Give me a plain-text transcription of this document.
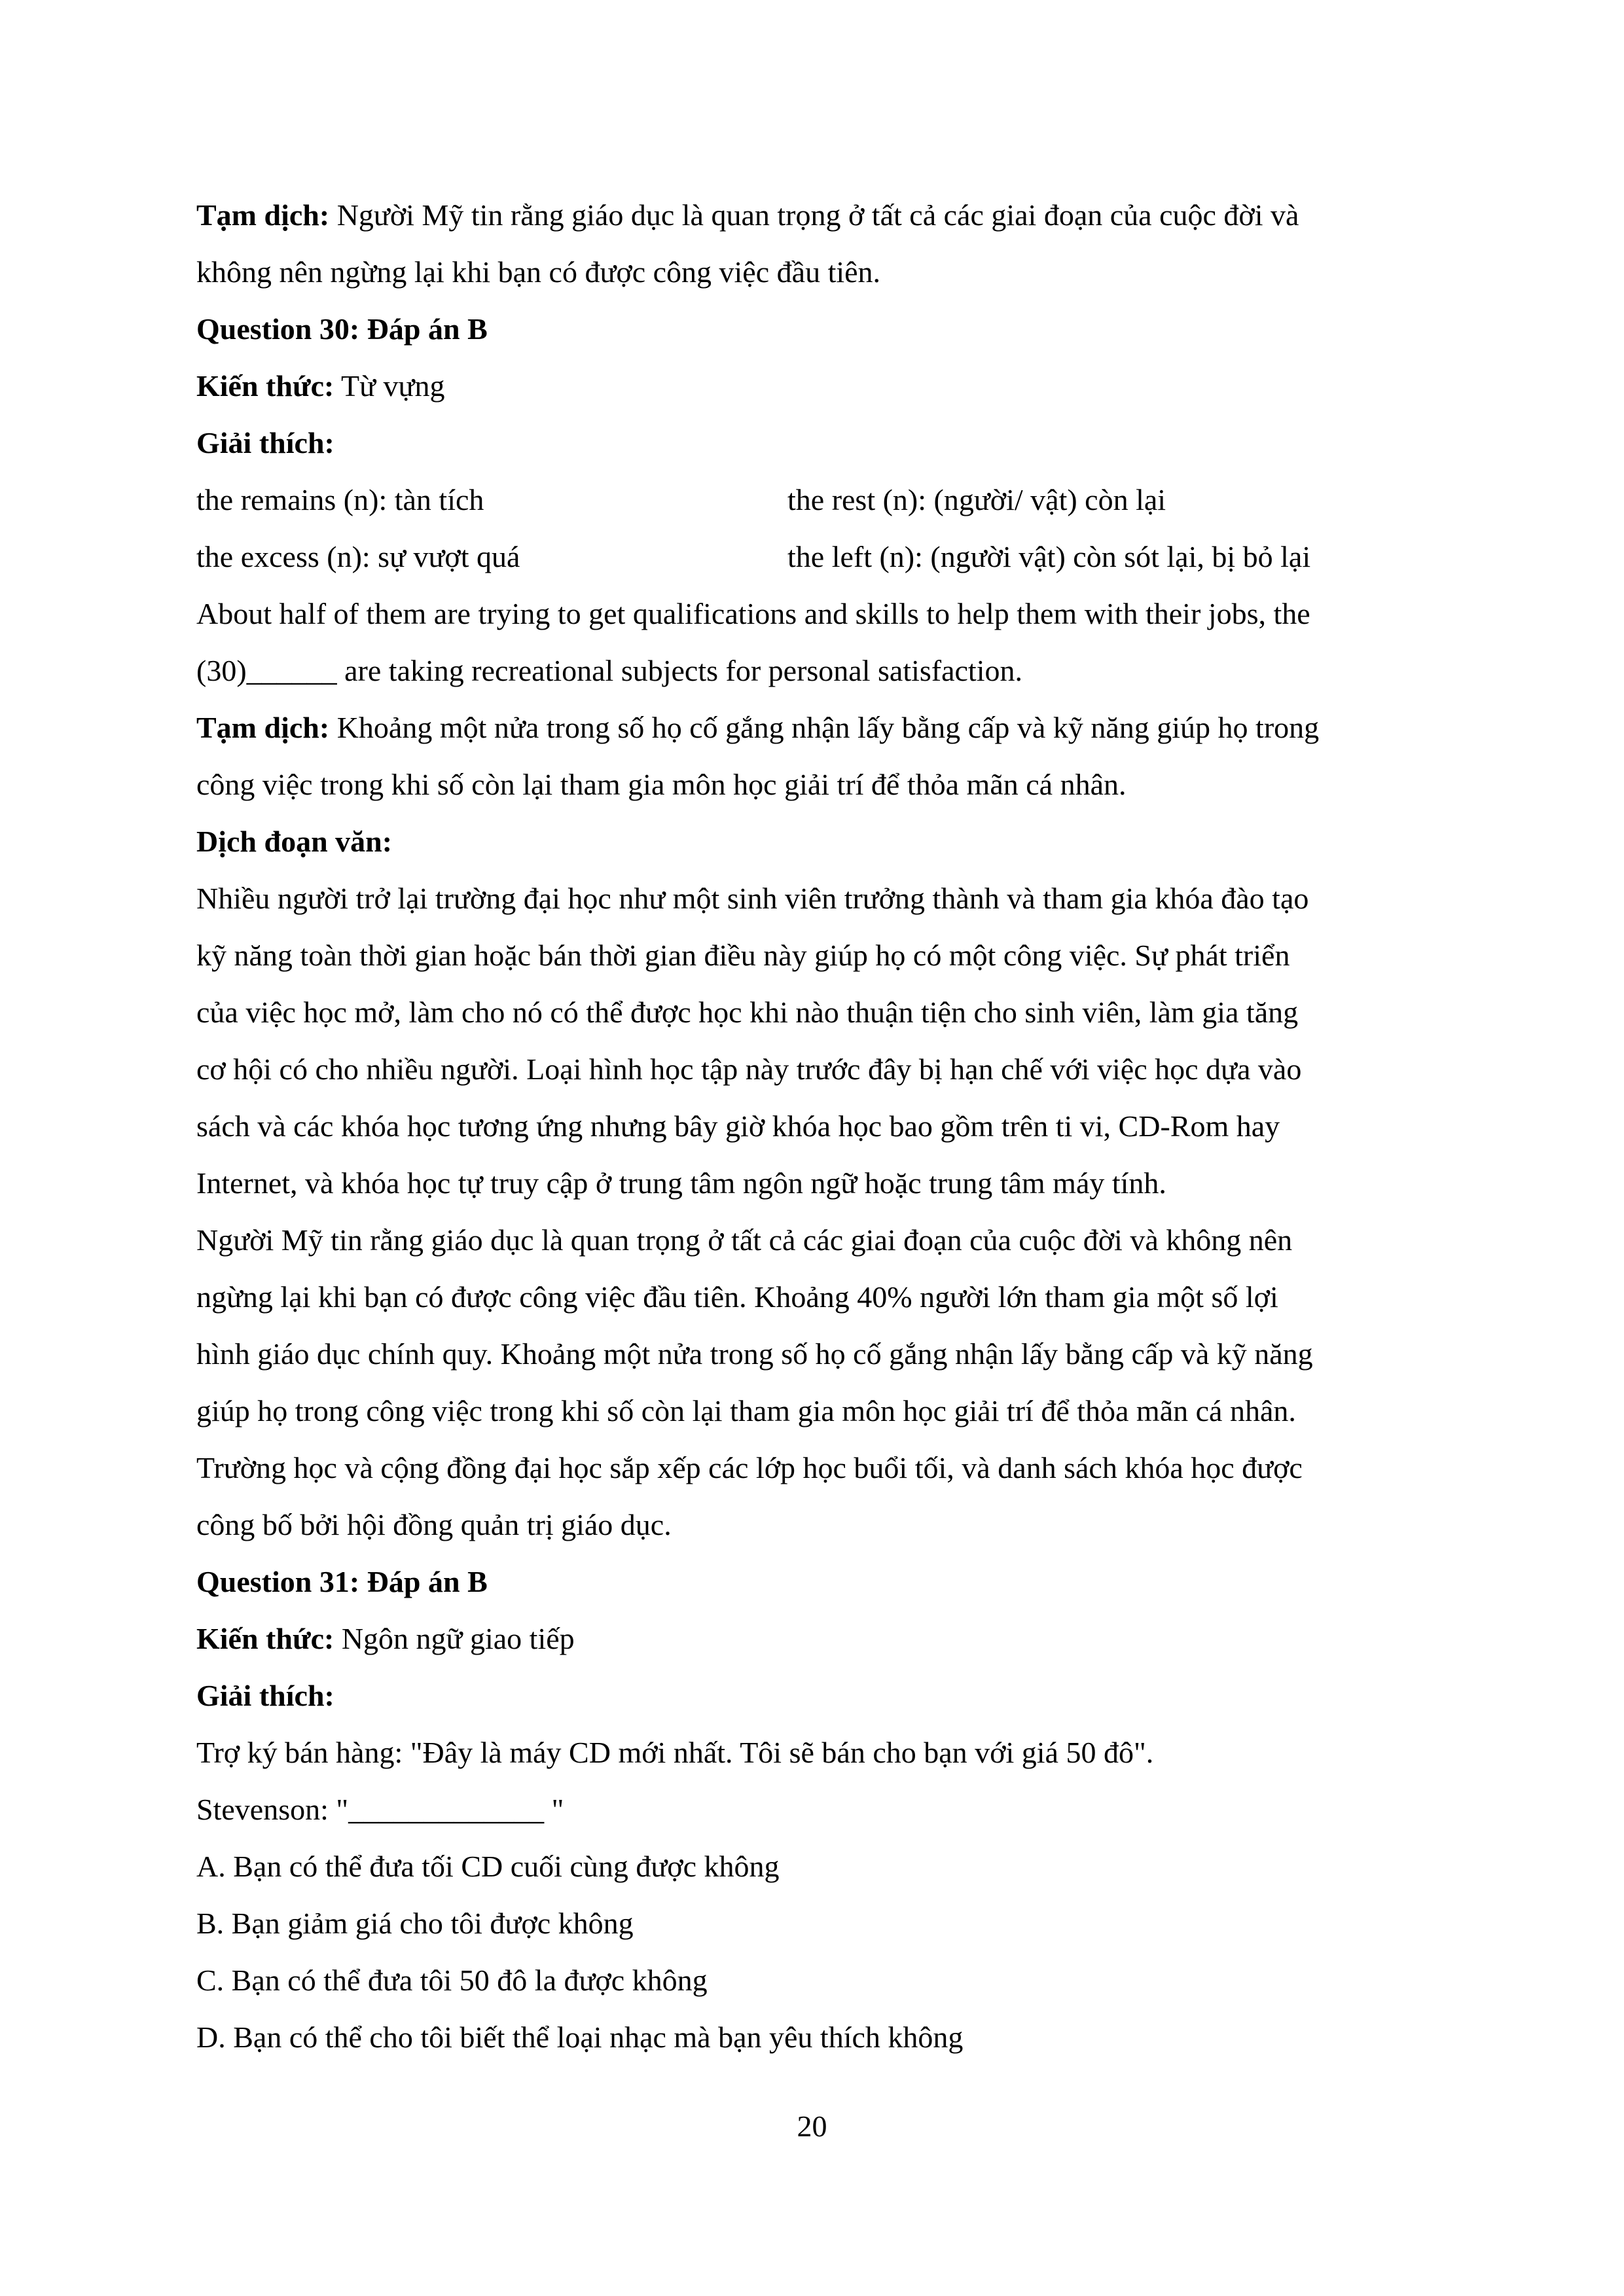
Tạm dịch: Người Mỹ tin rằng giáo dục là quan trọng ở tất cả các giai đoạn của cuộc đời và
không nên ngừng lại khi bạn có được công việc đầu tiên.
Question 30: Đáp án B
Kiến thức: Từ vựng
Giải thích:
the remains (n): tàn tích	the rest (n): (người/ vật) còn lại
the excess (n): sự vượt quá	the left (n): (người vật) còn sót lại, bị bỏ lại
About half of them are trying to get qualifications and skills to help them with their jobs, the
(30)______ are taking recreational subjects for personal satisfaction.
Tạm dịch: Khoảng một nửa trong số họ cố gắng nhận lấy bằng cấp và kỹ năng giúp họ trong
công việc trong khi số còn lại tham gia môn học giải trí để thỏa mãn cá nhân.
Dịch đoạn văn:
Nhiều người trở lại trường đại học như một sinh viên trưởng thành và tham gia khóa đào tạo
kỹ năng toàn thời gian hoặc bán thời gian điều này giúp họ có một công việc. Sự phát triển
của việc học mở, làm cho nó có thể được học khi nào thuận tiện cho sinh viên, làm gia tăng
cơ hội có cho nhiều người. Loại hình học tập này trước đây bị hạn chế với việc học dựa vào
sách và các khóa học tương ứng nhưng bây giờ khóa học bao gồm trên ti vi, CD-Rom hay
Internet, và khóa học tự truy cập ở trung tâm ngôn ngữ hoặc trung tâm máy tính.
Người Mỹ tin rằng giáo dục là quan trọng ở tất cả các giai đoạn của cuộc đời và không nên
ngừng lại khi bạn có được công việc đầu tiên. Khoảng 40% người lớn tham gia một số lợi
hình giáo dục chính quy. Khoảng một nửa trong số họ cố gắng nhận lấy bằng cấp và kỹ năng
giúp họ trong công việc trong khi số còn lại tham gia môn học giải trí để thỏa mãn cá nhân.
Trường học và cộng đồng đại học sắp xếp các lớp học buổi tối, và danh sách khóa học được
công bố bởi hội đồng quản trị giáo dục.
Question 31: Đáp án B
Kiến thức: Ngôn ngữ giao tiếp
Giải thích:
Trợ ký bán hàng: "Đây là máy CD mới nhất. Tôi sẽ bán cho bạn với giá 50 đô".
Stevenson: "_____________ "
A. Bạn có thể đưa tối CD cuối cùng được không
B. Bạn giảm giá cho tôi được không
C. Bạn có thể đưa tôi 50 đô la được không
D. Bạn có thể cho tôi biết thể loại nhạc mà bạn yêu thích không
20
